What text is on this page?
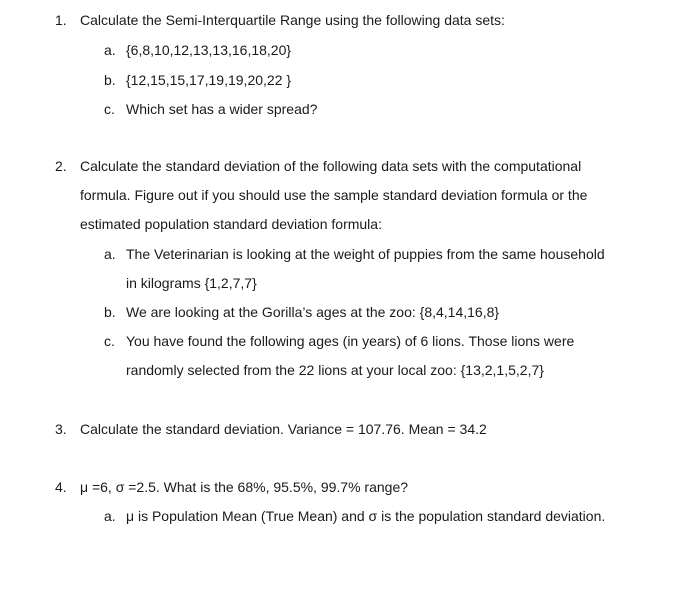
1. Calculate the Semi-Interquartile Range using the following data sets:
a. {6,8,10,12,13,13,16,18,20}
b. {12,15,15,17,19,19,20,22 }
c. Which set has a wider spread?
2. Calculate the standard deviation of the following data sets with the computational
formula. Figure out if you should use the sample standard deviation formula or the
estimated population standard deviation formula:
a. The Veterinarian is looking at the weight of puppies from the same household
in kilograms {1,2,7,7}
b. We are looking at the Gorilla’s ages at the zoo: {8,4,14,16,8}
c. You have found the following ages (in years) of 6 lions. Those lions were
randomly selected from the 22 lions at your local zoo: {13,2,1,5,2,7}
3. Calculate the standard deviation. Variance = 107.76. Mean = 34.2
4. μ =6, σ =2.5. What is the 68%, 95.5%, 99.7% range?
a. μ is Population Mean (True Mean) and σ is the population standard deviation.
